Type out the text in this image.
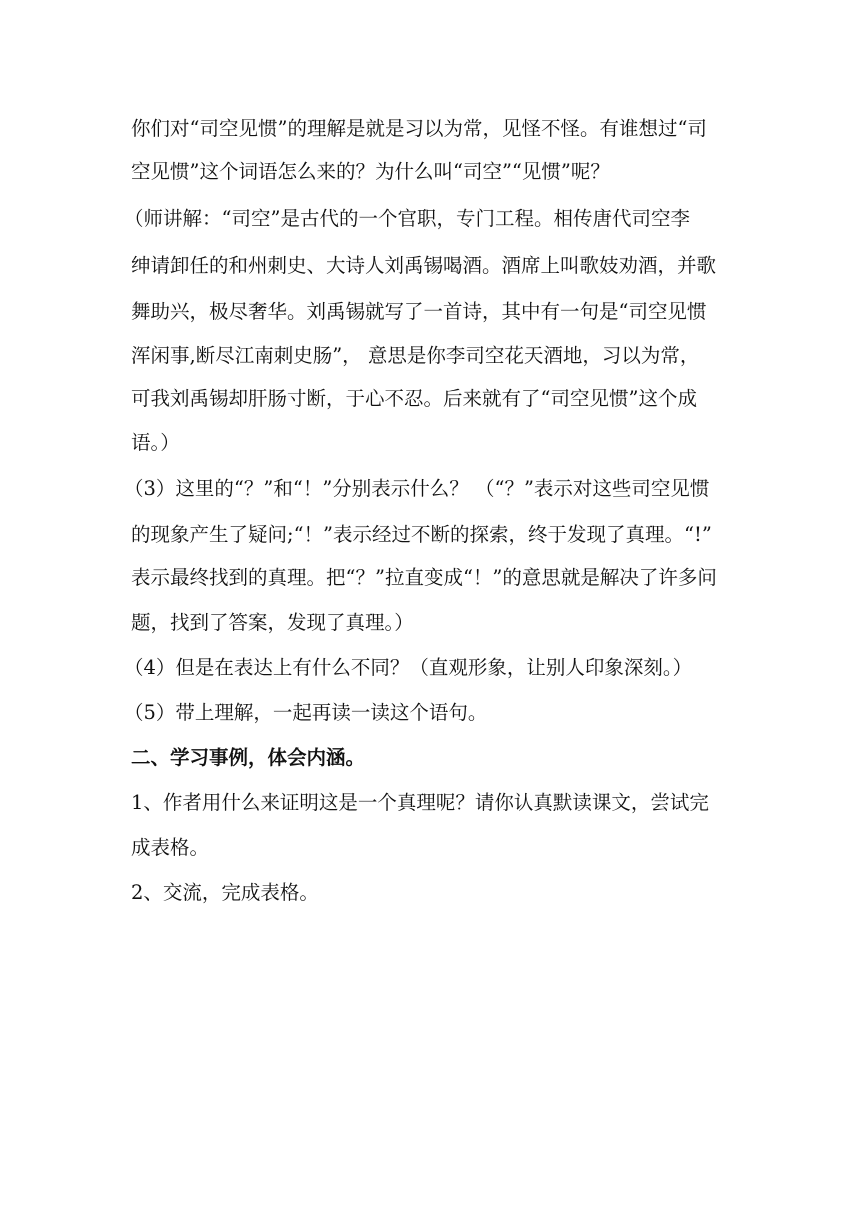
你们对“司空见惯”的理解是就是习以为常，见怪不怪。有谁想过“司
空见惯”这个词语怎么来的？为什么叫“司空”“见惯”呢？
（师讲解：“司空”是古代的一个官职，专门工程。相传唐代司空李
绅请卸任的和州刺史、大诗人刘禹锡喝酒。酒席上叫歌妓劝酒，并歌
舞助兴，极尽奢华。刘禹锡就写了一首诗，其中有一句是“司空见惯
浑闲事,断尽江南刺史肠”， 意思是你李司空花天酒地，习以为常，
可我刘禹锡却肝肠寸断，于心不忍。后来就有了“司空见惯”这个成
语。）
（3）这里的“？”和“！”分别表示什么？ （“？”表示对这些司空见惯
的现象产生了疑问;“！”表示经过不断的探索，终于发现了真理。“!”
表示最终找到的真理。把“？”拉直变成“！”的意思就是解决了许多问
题，找到了答案，发现了真理。）
（4）但是在表达上有什么不同？（直观形象，让别人印象深刻。）
（5）带上理解，一起再读一读这个语句。
二、学习事例，体会内涵。
1、作者用什么来证明这是一个真理呢？请你认真默读课文，尝试完
成表格。
2、交流，完成表格。
